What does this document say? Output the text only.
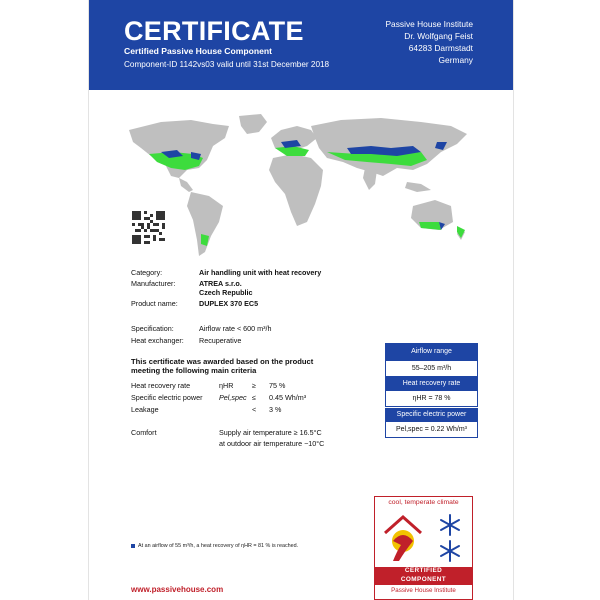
CERTIFICATE
Certified Passive House Component
Component-ID 1142vs03 valid until 31st December 2018
Passive House Institute
Dr. Wolfgang Feist
64283 Darmstadt
Germany
Category:	Air handling unit with heat recovery
Manufacturer:	ATREA s.r.o.
Czech Republic
Product name:	DUPLEX 370 EC5
Specification:	Airflow rate < 600 m³/h
Heat exchanger: Recuperative
This certificate was awarded based on the product
meeting the following main criteria
Heat recovery rate	ηHR	≥ 75 %
Specific electric power Pel,spec ≤ 0.45 Wh/m³
Leakage	< 3 %
Comfort	Supply air temperature ≥ 16.5°C
at outdoor air temperature −10°C
Airflow range
55–205 m³/h
Heat recovery rate
ηHR = 78 %
Specific electric power
Pel,spec = 0.22 Wh/m³
At an airflow of 55 m³/h, a heat recovery of ηHR = 81 % is reached.
www.passivehouse.com
cool, temperate climate
CERTIFIED
COMPONENT
Passive House Institute
